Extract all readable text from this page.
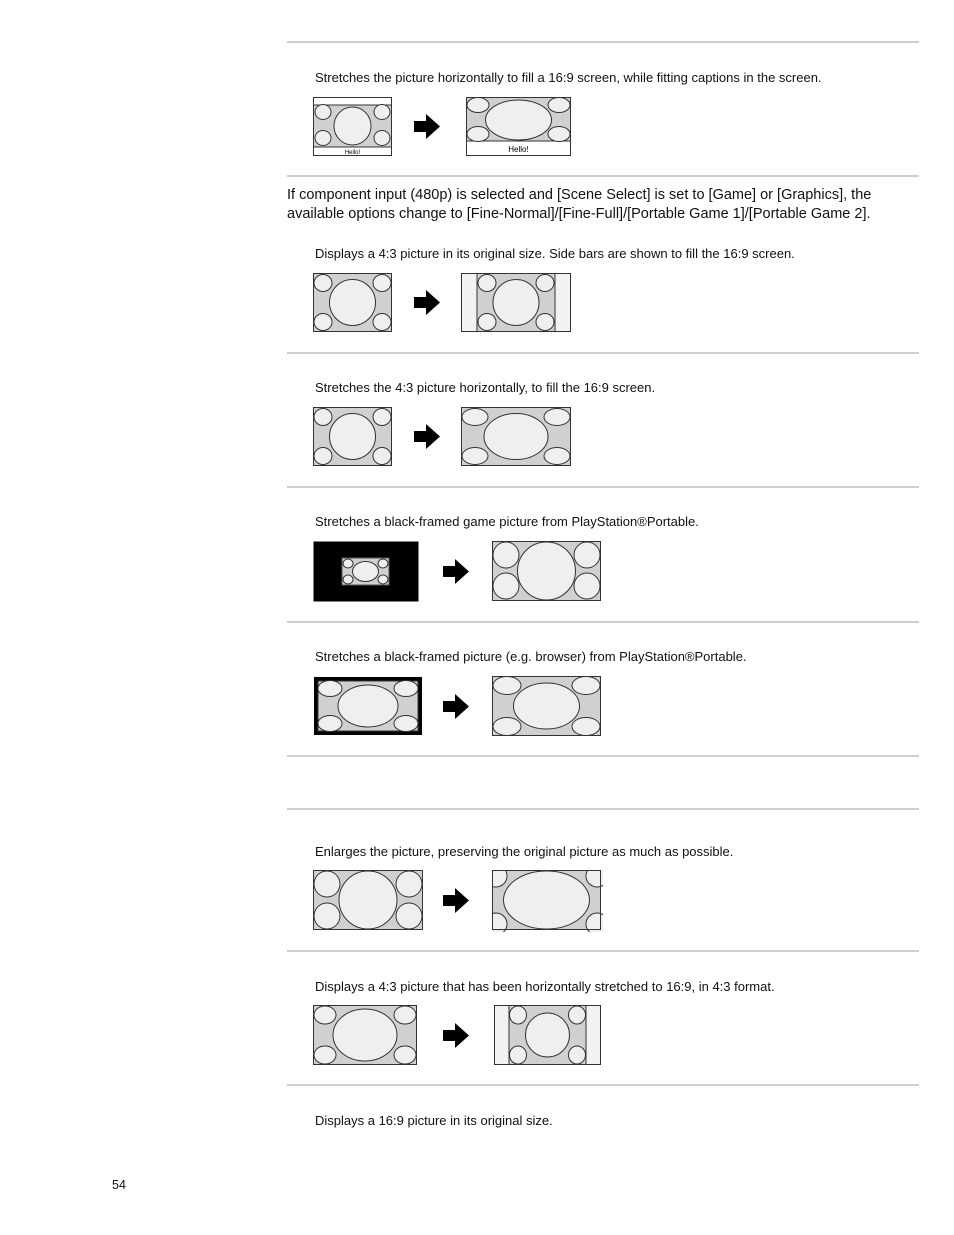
Stretches the picture horizontally to fill a 16:9 screen, while fitting captions in the screen.
Hello!	Hello!
If component input (480p) is selected and [Scene Select] is set to [Game] or [Graphics], the available options change to [Fine-Normal]/[Fine-Full]/[Portable Game 1]/[Portable Game 2].
Displays a 4:3 picture in its original size. Side bars are shown to fill the 16:9 screen.
Stretches the 4:3 picture horizontally, to fill the 16:9 screen.
Stretches a black-framed game picture from PlayStation®Portable.
Stretches a black-framed picture (e.g. browser) from PlayStation®Portable.
Enlarges the picture, preserving the original picture as much as possible.
Displays a 4:3 picture that has been horizontally stretched to 16:9, in 4:3 format.
Displays a 16:9 picture in its original size.
54
